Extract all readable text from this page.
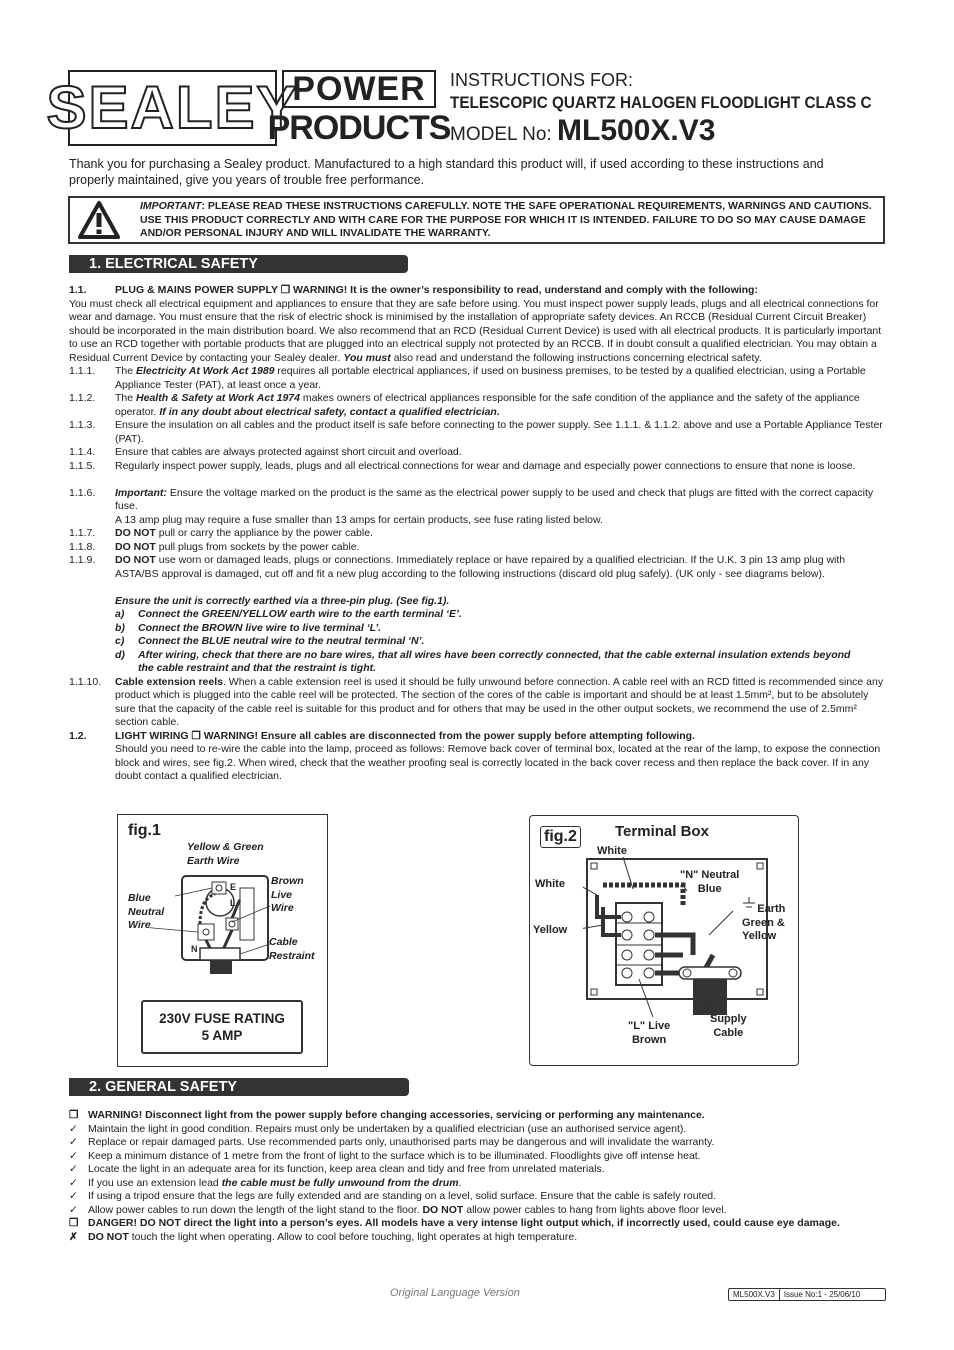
SEALEY
POWER
PRODUCTS
INSTRUCTIONS FOR:
TELESCOPIC QUARTZ HALOGEN FLOODLIGHT CLASS C
MODEL No: ML500X.V3
Thank you for purchasing a Sealey product. Manufactured to a high standard this product will, if used according to these instructions and properly maintained, give you years of trouble free performance.
IMPORTANT: PLEASE READ THESE INSTRUCTIONS CAREFULLY. NOTE THE SAFE OPERATIONAL REQUIREMENTS, WARNINGS AND CAUTIONS. USE THIS PRODUCT CORRECTLY AND WITH CARE FOR THE PURPOSE FOR WHICH IT IS INTENDED. FAILURE TO DO SO MAY CAUSE DAMAGE AND/OR PERSONAL INJURY AND WILL INVALIDATE THE WARRANTY.
1. ELECTRICAL SAFETY
1.1.	PLUG & MAINS POWER SUPPLY ❒ WARNING! It is the owner’s responsibility to read, understand and comply with the following:
You must check all electrical equipment and appliances to ensure that they are safe before using. You must inspect power supply leads, plugs and all electrical connections for wear and damage. You must ensure that the risk of electric shock is minimised by the installation of appropriate safety devices. An RCCB (Residual Current Circuit Breaker) should be incorporated in the main distribution board. We also recommend that an RCD (Residual Current Device) is used with all electrical products. It is particularly important to use an RCD together with portable products that are plugged into an electrical supply not protected by an RCCB. If in doubt consult a qualified electrician. You may obtain a Residual Current Device by contacting your Sealey dealer. You must also read and understand the following instructions concerning electrical safety.
1.1.1. The Electricity At Work Act 1989 requires all portable electrical appliances, if used on business premises, to be tested by a qualified electrician, using a Portable Appliance Tester (PAT), at least once a year.
1.1.2. The Health & Safety at Work Act 1974 makes owners of electrical appliances responsible for the safe condition of the appliance and the safety of the appliance operator. If in any doubt about electrical safety, contact a qualified electrician.
1.1.3. Ensure the insulation on all cables and the product itself is safe before connecting to the power supply. See 1.1.1. & 1.1.2. above and use a Portable Appliance Tester (PAT).
1.1.4. Ensure that cables are always protected against short circuit and overload.
1.1.5. Regularly inspect power supply, leads, plugs and all electrical connections for wear and damage and especially power connections to ensure that none is loose.
1.1.6. Important: Ensure the voltage marked on the product is the same as the electrical power supply to be used and check that plugs are fitted with the correct capacity fuse.
A 13 amp plug may require a fuse smaller than 13 amps for certain products, see fuse rating listed below.
1.1.7. DO NOT pull or carry the appliance by the power cable.
1.1.8. DO NOT pull plugs from sockets by the power cable.
1.1.9. DO NOT use worn or damaged leads, plugs or connections. Immediately replace or have repaired by a qualified electrician. If the U.K. 3 pin 13 amp plug with ASTA/BS approval is damaged, cut off and fit a new plug according to the following instructions (discard old plug safely). (UK only - see diagrams below).
Ensure the unit is correctly earthed via a three-pin plug. (See fig.1).
a) Connect the GREEN/YELLOW earth wire to the earth terminal ‘E’.
b) Connect the BROWN live wire to live terminal ‘L’.
c) Connect the BLUE neutral wire to the neutral terminal ‘N’.
d) After wiring, check that there are no bare wires, that all wires have been correctly connected, that the cable external insulation extends beyond the cable restraint and that the restraint is tight.
1.1.10. Cable extension reels. When a cable extension reel is used it should be fully unwound before connection. A cable reel with an RCD fitted is recommended since any product which is plugged into the cable reel will be protected. The section of the cores of the cable is important and should be at least 1.5mm², but to be absolutely sure that the capacity of the cable reel is suitable for this product and for others that may be used in the other output sockets, we recommend the use of 2.5mm² section cable.
1.2.	LIGHT WIRING ❒ WARNING! Ensure all cables are disconnected from the power supply before attempting following.
Should you need to re-wire the cable into the lamp, proceed as follows: Remove back cover of terminal box, located at the rear of the lamp, to expose the connection block and wires, see fig.2. When wired, check that the weather proofing seal is correctly located in the back cover recess and then replace the back cover. If in any doubt contact a qualified electrician.
fig.1
Yellow & Green
Earth Wire
Brown
Live
Wire
Blue
Neutral
Wire
Cable
Restraint
E
L
N
230V FUSE RATING
5 AMP
fig.2	Terminal Box
White
White
"N" Neutral
Blue
Earth
Green &
Yellow
Yellow
"L" Live
Brown
Supply
Cable
2. GENERAL SAFETY
❒ WARNING! Disconnect light from the power supply before changing accessories, servicing or performing any maintenance.
✓ Maintain the light in good condition. Repairs must only be undertaken by a qualified electrician (use an authorised service agent).
✓ Replace or repair damaged parts. Use recommended parts only, unauthorised parts may be dangerous and will invalidate the warranty.
✓ Keep a minimum distance of 1 metre from the front of light to the surface which is to be illuminated. Floodlights give off intense heat.
✓ Locate the light in an adequate area for its function, keep area clean and tidy and free from unrelated materials.
✓ If you use an extension lead the cable must be fully unwound from the drum.
✓ If using a tripod ensure that the legs are fully extended and are standing on a level, solid surface. Ensure that the cable is safely routed.
✓ Allow power cables to run down the length of the light stand to the floor. DO NOT allow power cables to hang from lights above floor level.
❒ DANGER! DO NOT direct the light into a person’s eyes. All models have a very intense light output which, if incorrectly used, could cause eye damage.
✗ DO NOT touch the light when operating. Allow to cool before touching, light operates at high temperature.
Original Language Version	ML500X.V3	Issue No:1 - 25/06/10
